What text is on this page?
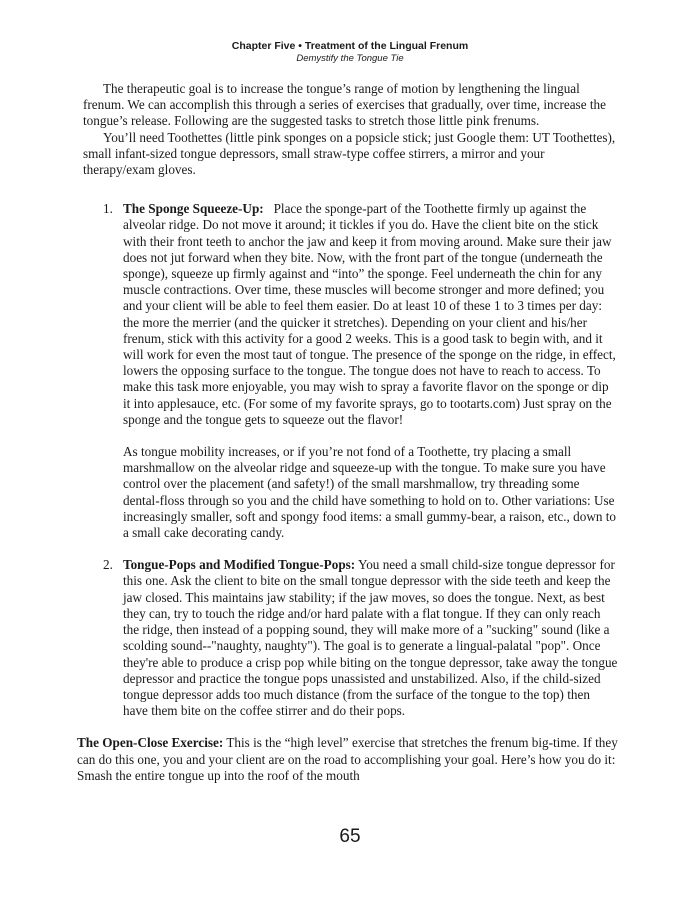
Chapter Five • Treatment of the Lingual Frenum
Demystify the Tongue Tie

The therapeutic goal is to increase the tongue’s range of motion by lengthening the lingual frenum. We can accomplish this through a series of exercises that gradually, over time, increase the tongue’s release. Following are the suggested tasks to stretch those little pink frenums.

You’ll need Toothettes (little pink sponges on a popsicle stick; just Google them: UT Toothettes), small infant-sized tongue depressors, small straw-type coffee stirrers, a mirror and your therapy/exam gloves.

1. The Sponge Squeeze-Up: Place the sponge-part of the Toothette firmly up against the alveolar ridge. Do not move it around; it tickles if you do. Have the client bite on the stick with their front teeth to anchor the jaw and keep it from moving around. Make sure their jaw does not jut forward when they bite. Now, with the front part of the tongue (underneath the sponge), squeeze up firmly against and “into” the sponge. Feel underneath the chin for any muscle contractions. Over time, these muscles will become stronger and more defined; you and your client will be able to feel them easier. Do at least 10 of these 1 to 3 times per day: the more the merrier (and the quicker it stretches). Depending on your client and his/her frenum, stick with this activity for a good 2 weeks. This is a good task to begin with, and it will work for even the most taut of tongue. The presence of the sponge on the ridge, in effect, lowers the opposing surface to the tongue. The tongue does not have to reach to access. To make this task more enjoyable, you may wish to spray a favorite flavor on the sponge or dip it into applesauce, etc. (For some of my favorite sprays, go to tootarts.com) Just spray on the sponge and the tongue gets to squeeze out the flavor!

As tongue mobility increases, or if you’re not fond of a Toothette, try placing a small marshmallow on the alveolar ridge and squeeze-up with the tongue. To make sure you have control over the placement (and safety!) of the small marshmallow, try threading some dental-floss through so you and the child have something to hold on to. Other variations: Use increasingly smaller, soft and spongy food items: a small gummy-bear, a raison, etc., down to a small cake decorating candy.

2. Tongue-Pops and Modified Tongue-Pops: You need a small child-size tongue depressor for this one. Ask the client to bite on the small tongue depressor with the side teeth and keep the jaw closed. This maintains jaw stability; if the jaw moves, so does the tongue. Next, as best they can, try to touch the ridge and/or hard palate with a flat tongue. If they can only reach the ridge, then instead of a popping sound, they will make more of a "sucking" sound (like a scolding sound--"naughty, naughty"). The goal is to generate a lingual-palatal "pop". Once they're able to produce a crisp pop while biting on the tongue depressor, take away the tongue depressor and practice the tongue pops unassisted and unstabilized. Also, if the child-sized tongue depressor adds too much distance (from the surface of the tongue to the top) then have them bite on the coffee stirrer and do their pops.

The Open-Close Exercise: This is the “high level” exercise that stretches the frenum big-time. If they can do this one, you and your client are on the road to accomplishing your goal. Here’s how you do it: Smash the entire tongue up into the roof of the mouth

65
